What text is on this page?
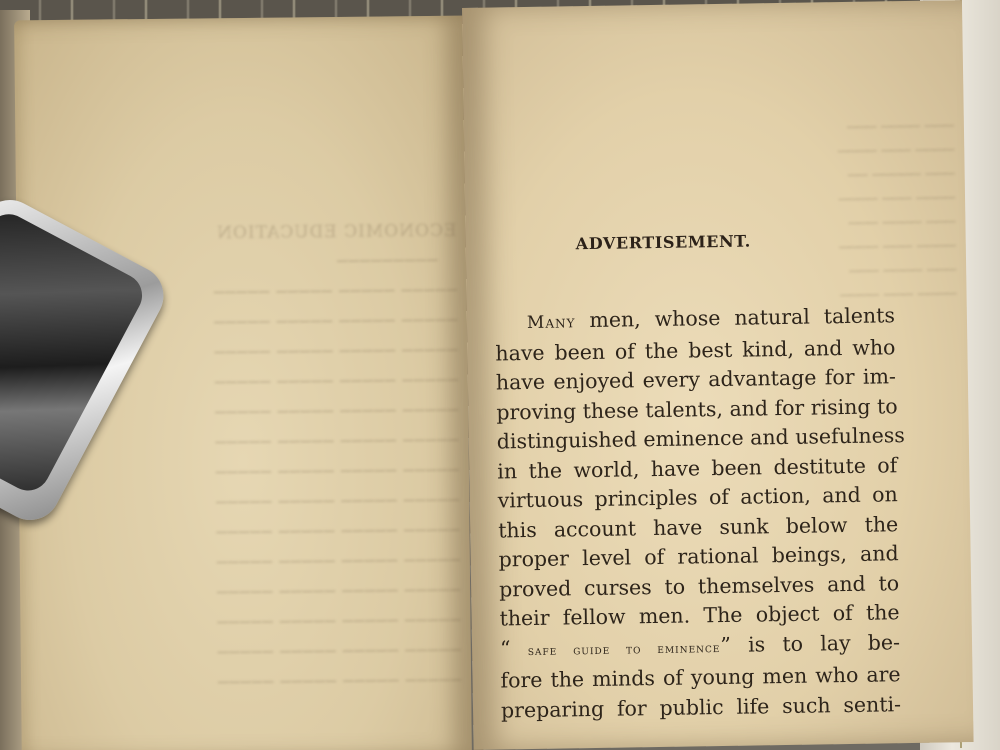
ECONOMIC EDUCATION
─────────
───── ───── ───── ─────
───── ───── ───── ─────
───── ───── ───── ─────
───── ───── ───── ─────
───── ───── ───── ─────
───── ───── ───── ─────
───── ───── ───── ─────
───── ───── ───── ─────
───── ───── ───── ─────
───── ───── ───── ─────
───── ───── ───── ─────
───── ───── ───── ─────
───── ───── ───── ─────
───── ───── ───── ─────

─── ──── ───
──── ─── ────
─── ───── ──
──── ─── ────
─── ──── ───
──── ─── ────
─── ──── ───
──── ─── ────
ADVERTISEMENT.
Many men, whose natural talents
have been of the best kind, and who
have enjoyed every advantage for im-
proving these talents, and for rising to
distinguished eminence and usefulness
in the world, have been destitute of
virtuous principles of action, and on
this account have sunk below the
proper level of rational beings, and
proved curses to themselves and to
their fellow men. The object of the
“ safe guide to eminence” is to lay be-
fore the minds of young men who are
preparing for public life such senti-
